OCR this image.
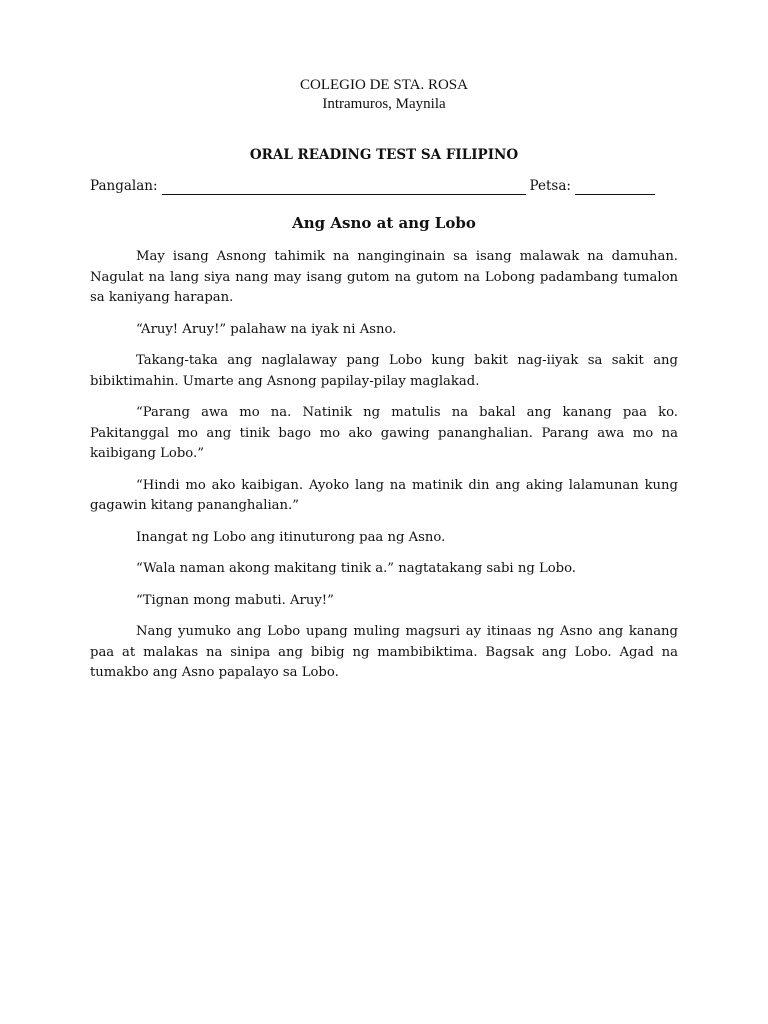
COLEGIO DE STA. ROSA

Intramuros, Maynila

ORAL READING TEST SA FILIPINO

Pangalan:	Petsa:

Ang Asno at ang Lobo

May isang Asnong tahimik na nanginginain sa isang malawak na damuhan. Nagulat na lang siya nang may isang gutom na gutom na Lobong padambang tumalon sa kaniyang harapan.

“Aruy! Aruy!” palahaw na iyak ni Asno.

Takang-taka ang naglalaway pang Lobo kung bakit nag-iiyak sa sakit ang bibiktimahin. Umarte ang Asnong papilay-pilay maglakad.

“Parang awa mo na. Natinik ng matulis na bakal ang kanang paa ko. Pakitanggal mo ang tinik bago mo ako gawing pananghalian. Parang awa mo na kaibigang Lobo.”

“Hindi mo ako kaibigan. Ayoko lang na matinik din ang aking lalamunan kung gagawin kitang pananghalian.”

Inangat ng Lobo ang itinuturong paa ng Asno.

“Wala naman akong makitang tinik a.” nagtatakang sabi ng Lobo.

“Tignan mong mabuti. Aruy!”

Nang yumuko ang Lobo upang muling magsuri ay itinaas ng Asno ang kanang paa at malakas na sinipa ang bibig ng mambibiktima. Bagsak ang Lobo. Agad na tumakbo ang Asno papalayo sa Lobo.
